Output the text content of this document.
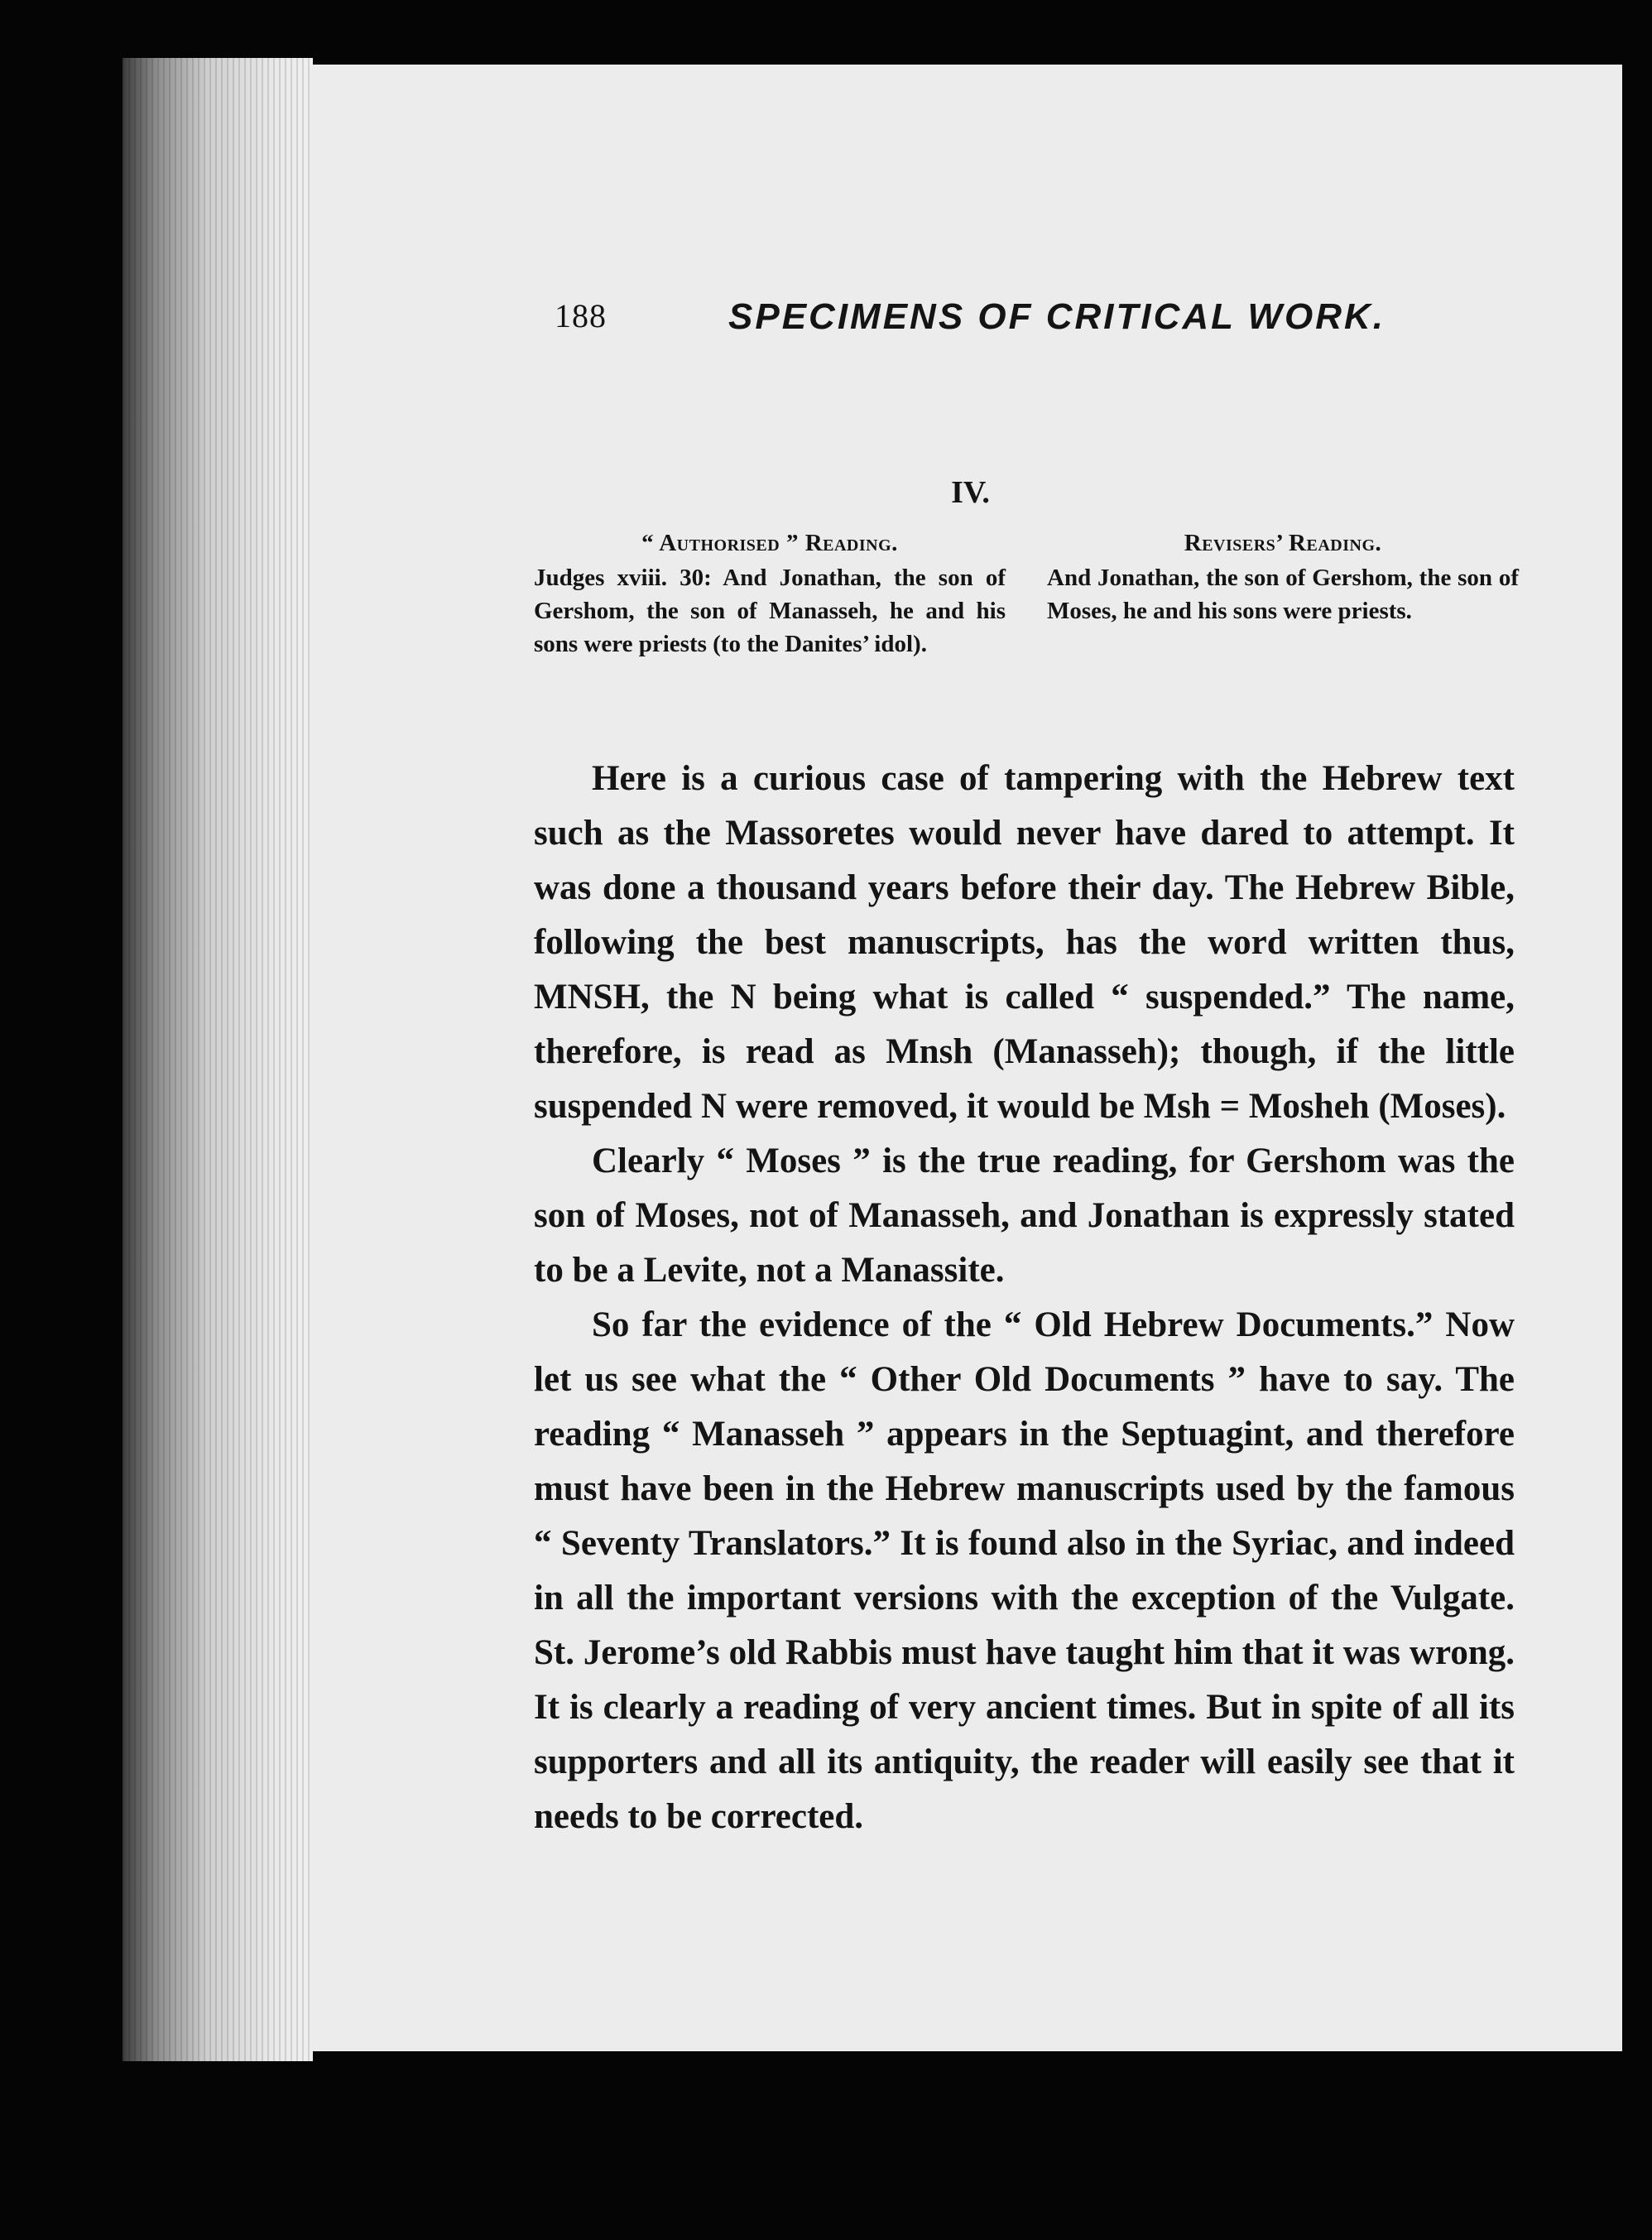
188	SPECIMENS OF CRITICAL WORK.
IV.
“ Authorised ” Reading.
Judges xviii. 30: And Jonathan, the son of Gershom, the son of Manasseh, he and his sons were priests (to the Danites’ idol).
Revisers’ Reading.
And Jonathan, the son of Gershom, the son of Moses, he and his sons were priests.

Here is a curious case of tampering with the Hebrew text such as the Massoretes would never have dared to attempt. It was done a thousand years before their day. The Hebrew Bible, following the best manuscripts, has the word written thus, MNSH, the N being what is called “ suspended.” The name, therefore, is read as Mnsh (Manasseh); though, if the little suspended N were removed, it would be Msh = Mosheh (Moses).

Clearly “ Moses ” is the true reading, for Gershom was the son of Moses, not of Manasseh, and Jonathan is expressly stated to be a Levite, not a Manassite.

So far the evidence of the “ Old Hebrew Documents.” Now let us see what the “ Other Old Documents ” have to say. The reading “ Manasseh ” appears in the Septuagint, and therefore must have been in the Hebrew manuscripts used by the famous “ Seventy Translators.” It is found also in the Syriac, and indeed in all the important versions with the exception of the Vulgate. St. Jerome’s old Rabbis must have taught him that it was wrong. It is clearly a reading of very ancient times. But in spite of all its supporters and all its antiquity, the reader will easily see that it needs to be corrected.
